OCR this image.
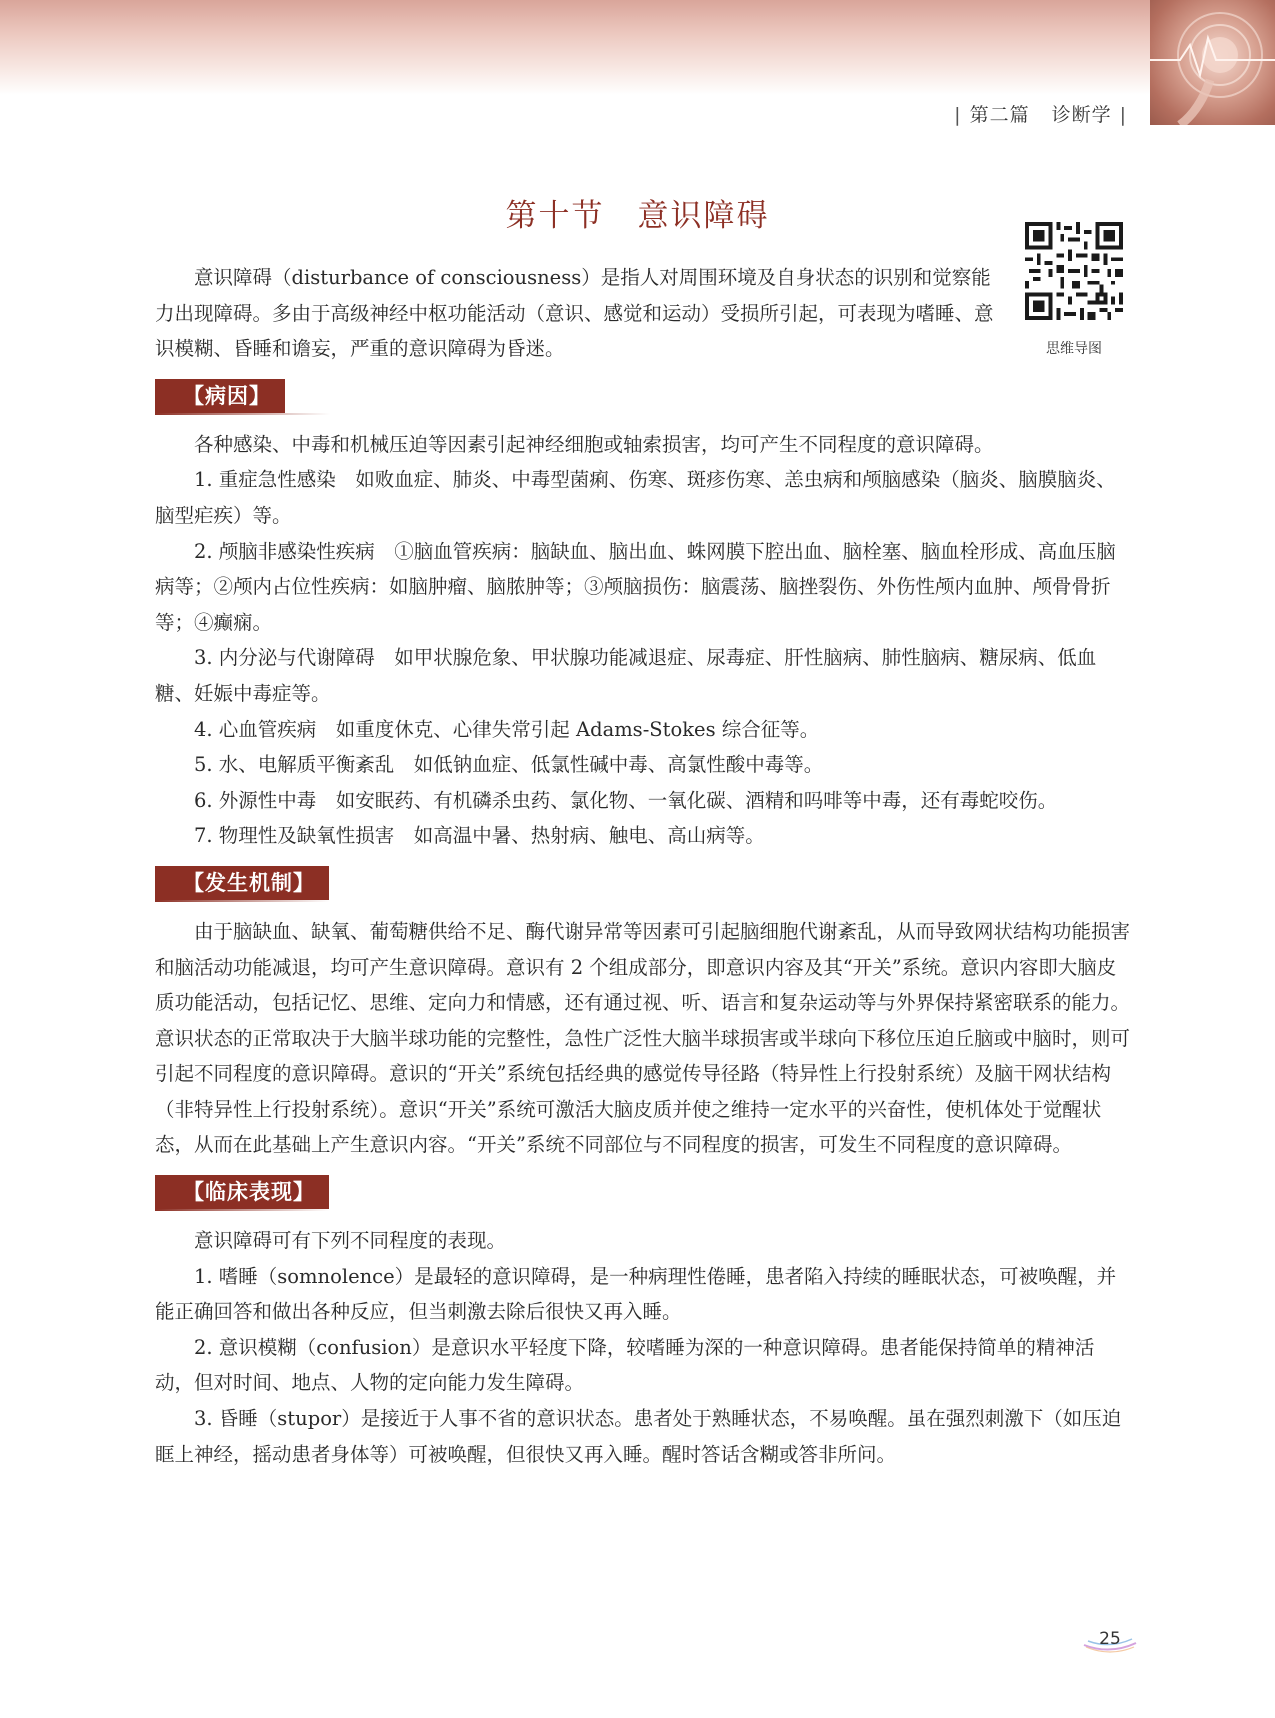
| 第二篇 诊断学 |
第十节　意识障碍
思维导图

意识障碍（disturbance of consciousness）是指人对周围环境及自身状态的识别和觉察能力出现障碍。多由于高级神经中枢功能活动（意识、感觉和运动）受损所引起，可表现为嗜睡、意识模糊、昏睡和谵妄，严重的意识障碍为昏迷。

【病因】

各种感染、中毒和机械压迫等因素引起神经细胞或轴索损害，均可产生不同程度的意识障碍。

1. 重症急性感染　如败血症、肺炎、中毒型菌痢、伤寒、斑疹伤寒、恙虫病和颅脑感染（脑炎、脑膜脑炎、脑型疟疾）等。

2. 颅脑非感染性疾病　①脑血管疾病：脑缺血、脑出血、蛛网膜下腔出血、脑栓塞、脑血栓形成、高血压脑病等；②颅内占位性疾病：如脑肿瘤、脑脓肿等；③颅脑损伤：脑震荡、脑挫裂伤、外伤性颅内血肿、颅骨骨折等；④癫痫。

3. 内分泌与代谢障碍　如甲状腺危象、甲状腺功能减退症、尿毒症、肝性脑病、肺性脑病、糖尿病、低血糖、妊娠中毒症等。

4. 心血管疾病　如重度休克、心律失常引起 Adams-Stokes 综合征等。

5. 水、电解质平衡紊乱　如低钠血症、低氯性碱中毒、高氯性酸中毒等。

6. 外源性中毒　如安眠药、有机磷杀虫药、氯化物、一氧化碳、酒精和吗啡等中毒，还有毒蛇咬伤。

7. 物理性及缺氧性损害　如高温中暑、热射病、触电、高山病等。

【发生机制】

由于脑缺血、缺氧、葡萄糖供给不足、酶代谢异常等因素可引起脑细胞代谢紊乱，从而导致网状结构功能损害和脑活动功能减退，均可产生意识障碍。意识有 2 个组成部分，即意识内容及其“开关”系统。意识内容即大脑皮质功能活动，包括记忆、思维、定向力和情感，还有通过视、听、语言和复杂运动等与外界保持紧密联系的能力。意识状态的正常取决于大脑半球功能的完整性，急性广泛性大脑半球损害或半球向下移位压迫丘脑或中脑时，则可引起不同程度的意识障碍。意识的“开关”系统包括经典的感觉传导径路（特异性上行投射系统）及脑干网状结构（非特异性上行投射系统）。意识“开关”系统可激活大脑皮质并使之维持一定水平的兴奋性，使机体处于觉醒状态，从而在此基础上产生意识内容。“开关”系统不同部位与不同程度的损害，可发生不同程度的意识障碍。

【临床表现】

意识障碍可有下列不同程度的表现。

1. 嗜睡（somnolence）是最轻的意识障碍，是一种病理性倦睡，患者陷入持续的睡眠状态，可被唤醒，并能正确回答和做出各种反应，但当刺激去除后很快又再入睡。

2. 意识模糊（confusion）是意识水平轻度下降，较嗜睡为深的一种意识障碍。患者能保持简单的精神活动，但对时间、地点、人物的定向能力发生障碍。

3. 昏睡（stupor）是接近于人事不省的意识状态。患者处于熟睡状态，不易唤醒。虽在强烈刺激下（如压迫眶上神经，摇动患者身体等）可被唤醒，但很快又再入睡。醒时答话含糊或答非所问。

25
